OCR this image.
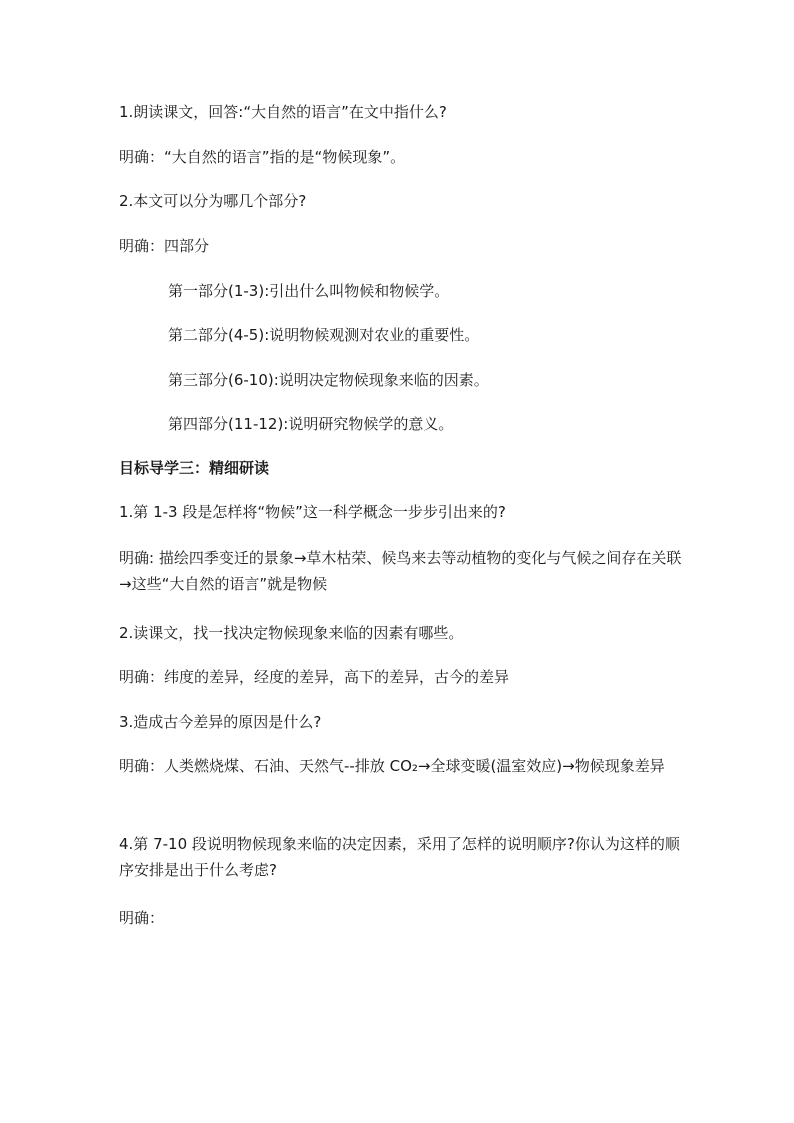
1.朗读课文，回答:“大自然的语言”在文中指什么?
明确：“大自然的语言”指的是“物候现象”。
2.本文可以分为哪几个部分?
明确：四部分
第一部分(1-3):引出什么叫物候和物候学。
第二部分(4-5):说明物候观测对农业的重要性。
第三部分(6-10):说明决定物候现象来临的因素。
第四部分(11-12):说明研究物候学的意义。
目标导学三：精细研读
1.第 1-3 段是怎样将“物候”这一科学概念一步步引出来的?
明确: 描绘四季变迁的景象→草木枯荣、候鸟来去等动植物的变化与气候之间存在关联→这些“大自然的语言”就是物候
2.读课文，找一找决定物候现象来临的因素有哪些。
明确：纬度的差异，经度的差异，高下的差异，古今的差异
3.造成古今差异的原因是什么?
明确：人类燃烧煤、石油、天然气--排放 CO₂→全球变暖(温室效应)→物候现象差异
4.第 7-10 段说明物候现象来临的决定因素，采用了怎样的说明顺序?你认为这样的顺序安排是出于什么考虑?
明确：
